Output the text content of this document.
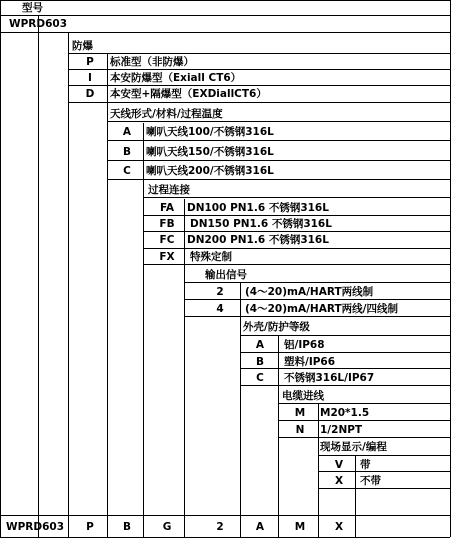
型号
WPRD603
防爆
P	标准型（非防爆）
I	本安防爆型（Exiall CT6）
D	本安型+隔爆型（EXDiallCT6）
天线形式/材料/过程温度
A	喇叭天线100/不锈钢316L
B	喇叭天线150/不锈钢316L
C	喇叭天线200/不锈钢316L
过程连接
FA	DN100 PN1.6 不锈钢316L
FB	DN150 PN1.6 不锈钢316L
FC	DN200 PN1.6 不锈钢316L
FX	特殊定制
输出信号
2	(4～20)mA/HART两线制
4	(4～20)mA/HART两线/四线制
外壳/防护等级
A	铝/IP68
B	塑料/IP66
C	不锈钢316L/IP67
电缆进线
M	M20*1.5
N	1/2NPT
现场显示/编程
V	带
X	不带
WPRD603	P	B	G	2	A	M	X
